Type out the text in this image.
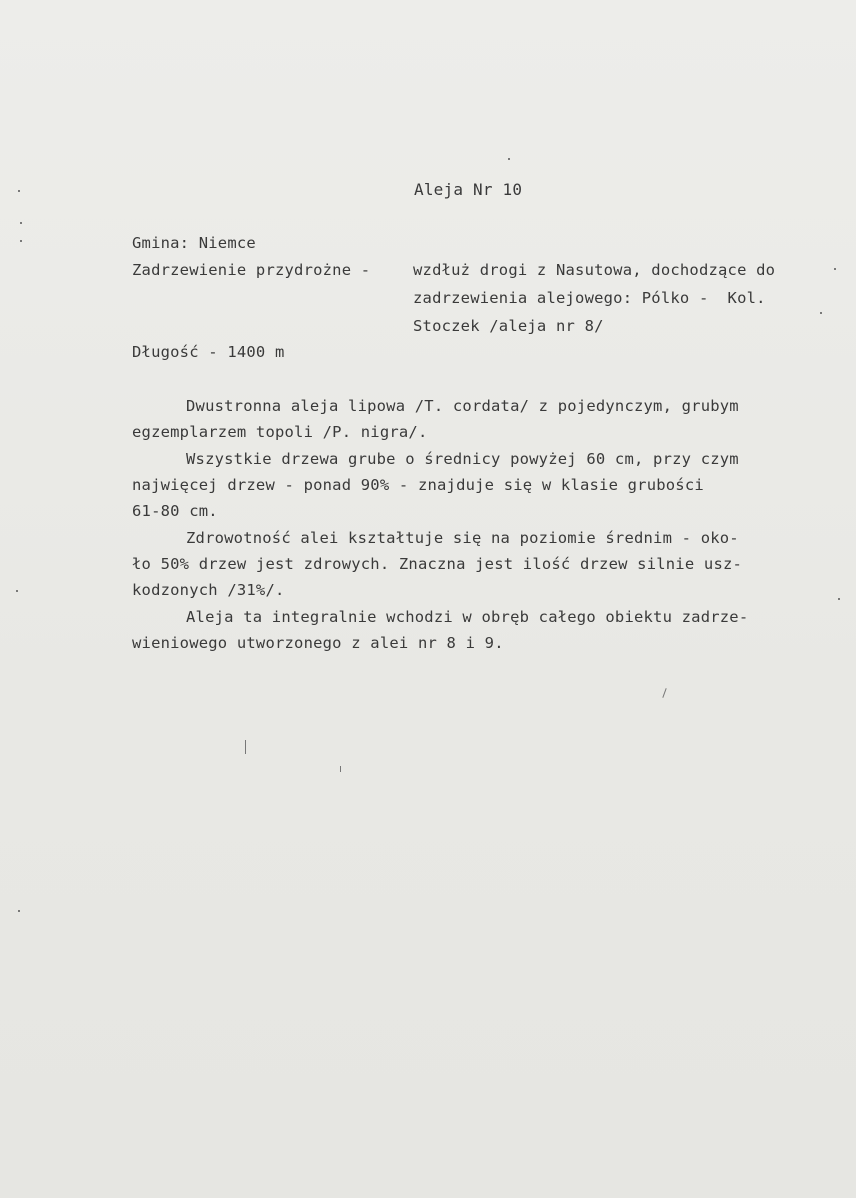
Aleja Nr 10
Gmina: Niemce
Zadrzewienie przydrożne - wzdłuż drogi z Nasutowa, dochodzące do
zadrzewienia alejowego: Pólko -  Kol.
Stoczek /aleja nr 8/
Długość - 1400 m
Dwustronna aleja lipowa /T. cordata/ z pojedynczym, grubym
egzemplarzem topoli /P. nigra/.
Wszystkie drzewa grube o średnicy powyżej 60 cm, przy czym
najwięcej drzew - ponad 90% - znajduje się w klasie grubości
61-80 cm.
Zdrowotność alei kształtuje się na poziomie średnim - oko-
ło 50% drzew jest zdrowych. Znaczna jest ilość drzew silnie usz-
kodzonych /31%/.
Aleja ta integralnie wchodzi w obręb całego obiektu zadrze-
wieniowego utworzonego z alei nr 8 i 9.
